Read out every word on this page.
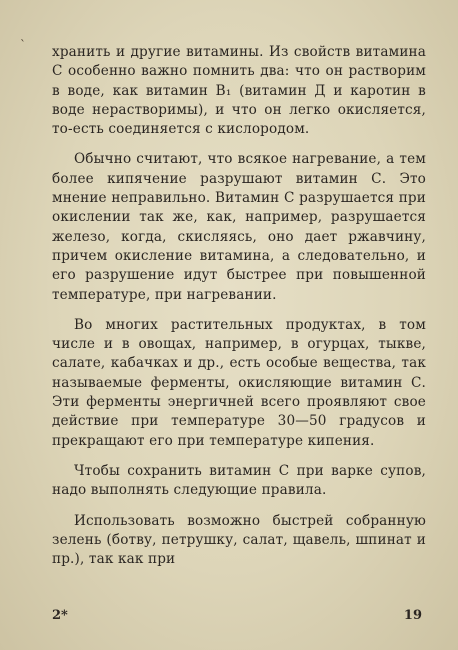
ˋ хранить и другие витамины. Из свойств витамина С особенно важно помнить два: что он растворим в воде, как витамин В₁ (витамин Д и каротин в воде нерастворимы), и что он легко окисляется, то-есть соединяется с кислородом.

Обычно считают, что всякое нагревание, а тем более кипячение разрушают витамин С. Это мнение неправильно. Витамин С разрушается при окислении так же, как, например, разрушается железо, когда, скисляясь, оно дает ржавчину, причем окисление витамина, а следовательно, и его разрушение идут быстрее при повышенной температуре, при нагревании.

Во многих растительных продуктах, в том числе и в овощах, например, в огурцах, тыкве, салате, кабачках и др., есть особые вещества, так называемые ферменты, окисляющие витамин С. Эти ферменты энергичней всего проявляют свое действие при температуре 30—50 градусов и прекращают его при температуре кипения.

Чтобы сохранить витамин С при варке супов, надо выполнять следующие правила.

Использовать возможно быстрей собранную зелень (ботву, петрушку, салат, щавель, шпинат и пр.), так как при

2*	19
